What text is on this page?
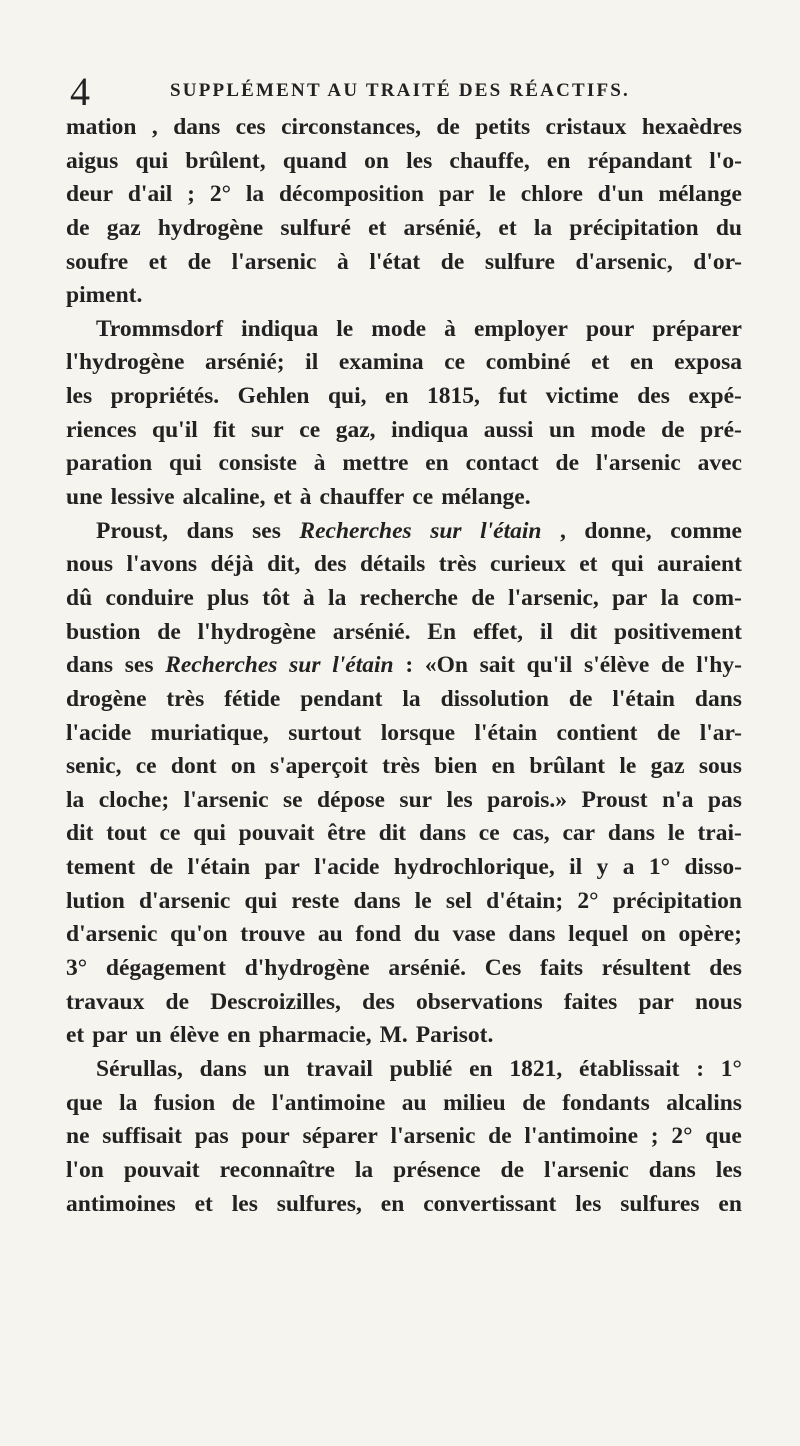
4	SUPPLÉMENT AU TRAITÉ DES RÉACTIFS.
mation , dans ces circonstances, de petits cristaux hexaèdres
aigus qui brûlent, quand on les chauffe, en répandant l'o-
deur d'ail ; 2° la décomposition par le chlore d'un mélange
de gaz hydrogène sulfuré et arsénié, et la précipitation du
soufre et de l'arsenic à l'état de sulfure d'arsenic, d'or-
piment.
Trommsdorf indiqua le mode à employer pour préparer
l'hydrogène arsénié; il examina ce combiné et en exposa
les propriétés. Gehlen qui, en 1815, fut victime des expé-
riences qu'il fit sur ce gaz, indiqua aussi un mode de pré-
paration qui consiste à mettre en contact de l'arsenic avec
une lessive alcaline, et à chauffer ce mélange.
Proust, dans ses Recherches sur l'étain , donne, comme
nous l'avons déjà dit, des détails très curieux et qui auraient
dû conduire plus tôt à la recherche de l'arsenic, par la com-
bustion de l'hydrogène arsénié. En effet, il dit positivement
dans ses Recherches sur l'étain : «On sait qu'il s'élève de l'hy-
drogène très fétide pendant la dissolution de l'étain dans
l'acide muriatique, surtout lorsque l'étain contient de l'ar-
senic, ce dont on s'aperçoit très bien en brûlant le gaz sous
la cloche; l'arsenic se dépose sur les parois.» Proust n'a pas
dit tout ce qui pouvait être dit dans ce cas, car dans le trai-
tement de l'étain par l'acide hydrochlorique, il y a 1° disso-
lution d'arsenic qui reste dans le sel d'étain; 2° précipitation
d'arsenic qu'on trouve au fond du vase dans lequel on opère;
3° dégagement d'hydrogène arsénié. Ces faits résultent des
travaux de Descroizilles, des observations faites par nous
et par un élève en pharmacie, M. Parisot.
Sérullas, dans un travail publié en 1821, établissait : 1°
que la fusion de l'antimoine au milieu de fondants alcalins
ne suffisait pas pour séparer l'arsenic de l'antimoine ; 2° que
l'on pouvait reconnaître la présence de l'arsenic dans les
antimoines et les sulfures, en convertissant les sulfures en
